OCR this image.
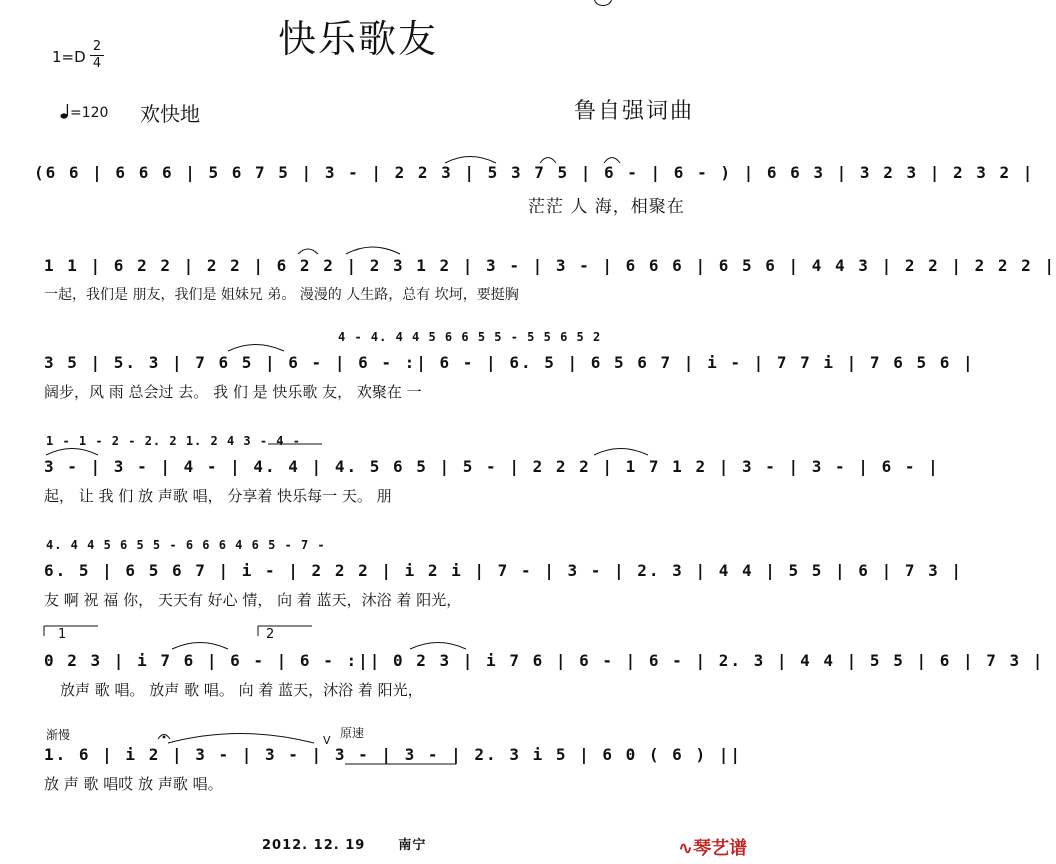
快乐歌友
1=D
2
4
=120 欢快地	鲁自强词曲
(6 6 | 6 6 6 | 5 6 7 5 | 3 - | 2 2 3 | 5 3 7 5 | 6 - | 6 - ) | 6 6 3 | 3 2 3 | 2 3 2 |
茫茫 人 海，相聚在
1 1 | 6 2 2 | 2 2 | 6 2 2 | 2 3 1 2 | 3 - | 3 - | 6 6 6 | 6 5 6 | 4 4 3 | 2 2 | 2 2 2 |
一起，我们是 朋友，我们是 姐妹兄 弟。 漫漫的 人生路，总有 坎坷，要挺胸
4 - 4. 4 4 5 6 6 5 5 - 5 5 6 5 2
3 5 | 5. 3 | 7 6 5 | 6 - | 6 - :| 6 - | 6. 5 | 6 5 6 7 | i - | 7 7 i | 7 6 5 6 |
阔步，风 雨 总会过 去。 我 们 是 快乐歌 友， 欢聚在 一
1 - 1 - 2 - 2. 2 1. 2 4 3 - 4 -
3 - | 3 - | 4 - | 4. 4 | 4. 5 6 5 | 5 - | 2 2 2 | 1 7 1 2 | 3 - | 3 - | 6 - |
起， 让 我 们 放 声歌 唱， 分享着 快乐每一 天。 朋
4. 4 4 5 6 5 5 - 6 6 6 4 6 5 - 7 -
6. 5 | 6 5 6 7 | i - | 2 2 2 | i 2 i | 7 - | 3 - | 2. 3 | 4 4 | 5 5 | 6 | 7 3 |
友 啊 祝 福 你， 天天有 好心 情， 向 着 蓝天，沐浴 着 阳光，
1	2
0 2 3 | i 7 6 | 6 - | 6 - :|| 0 2 3 | i 7 6 | 6 - | 6 - | 2. 3 | 4 4 | 5 5 | 6 | 7 3 |
放声 歌 唱。 放声 歌 唱。 向 着 蓝天，沐浴 着 阳光，
渐慢	原速
V
1. 6 | i 2 | 3 - | 3 - | 3 - | 3 - | 2. 3 i 5 | 6 0 ( 6 ) ||
放 声 歌 唱哎 放 声歌 唱。
2012. 12. 19	南宁	∿琴艺谱
